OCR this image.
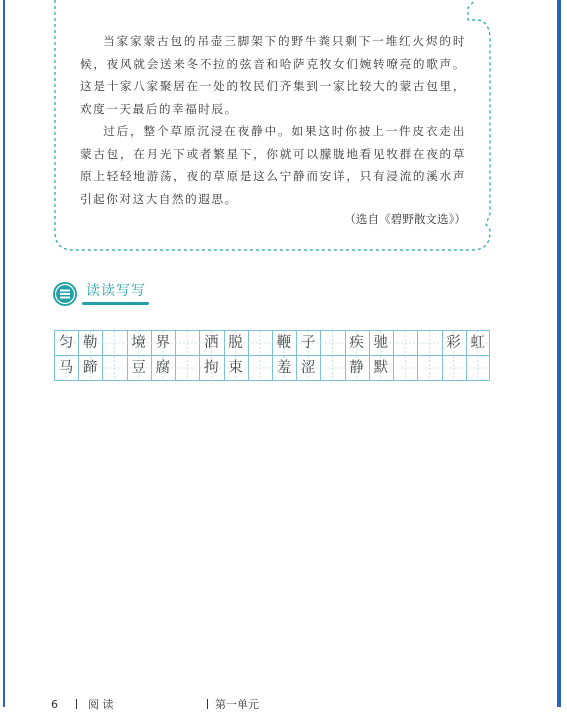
当家家蒙古包的吊壶三脚架下的野牛粪只剩下一堆红火烬的时候，夜风就会送来冬不拉的弦音和哈萨克牧女们婉转嘹亮的歌声。这是十家八家聚居在一处的牧民们齐集到一家比较大的蒙古包里，欢度一天最后的幸福时辰。

过后，整个草原沉浸在夜静中。如果这时你披上一件皮衣走出蒙古包，在月光下或者繁星下，你就可以朦胧地看见牧群在夜的草原上轻轻地游荡，夜的草原是这么宁静而安详，只有浸流的溪水声引起你对这大自然的遐思。

（选自《碧野散文选》）
读读写写
匀 勒 境 界 洒 脱 鞭 子 疾 驰	彩 虹
马 蹄 豆 腐 拘 束 羞 涩 静 默
6	阅 读	第一单元
